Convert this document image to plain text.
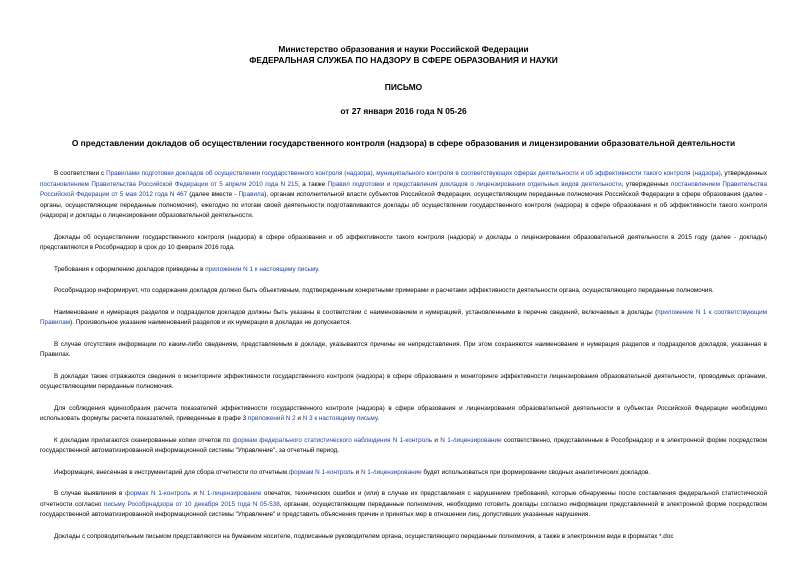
Министерство образования и науки Российской Федерации
ФЕДЕРАЛЬНАЯ СЛУЖБА ПО НАДЗОРУ В СФЕРЕ ОБРАЗОВАНИЯ И НАУКИ
ПИСЬМО
от 27 января 2016 года N 05-26
О представлении докладов об осуществлении государственного контроля (надзора) в сфере образования и лицензировании образовательной деятельности

В соответствии с Правилами подготовки докладов об осуществлении государственного контроля (надзора), муниципального контроля в соответствующих сферах деятельности и об эффективности такого контроля (надзора), утвержденных постановлением Правительства Российской Федерации от 5 апреля 2010 года N 215, а также Правил подготовки и представления докладов о лицензировании отдельных видов деятельности, утвержденных постановлением Правительства Российской Федерации от 5 мая 2012 года N 467 (далее вместе - Правила), органам исполнительной власти субъектов Российской Федерации, осуществляющим переданные полномочия Российской Федерации в сфере образования (далее - органы, осуществляющие переданные полномочия), ежегодно по итогам своей деятельности подготавливаются доклады об осуществлении государственного контроля (надзора) в сфере образования и об эффективности такого контроля (надзора) и доклады о лицензировании образовательной деятельности.

Доклады об осуществлении государственного контроля (надзора) в сфере образования и об эффективности такого контроля (надзора) и доклады о лицензировании образовательной деятельности в 2015 году (далее - доклады) представляются в Рособрнадзор в срок до 10 февраля 2016 года.

Требования к оформлению докладов приведены в приложении N 1 к настоящему письму.

Рособрнадзор информирует, что содержание докладов должно быть объективным, подтвержденным конкретными примерами и расчетами эффективности деятельности органа, осуществляющего переданные полномочия.

Наименование и нумерация разделов и подразделов докладов должны быть указаны в соответствии с наименованием и нумерацией, установленными в перечне сведений, включаемых в доклады (приложение N 1 к соответствующим Правилам). Произвольное указание наименований разделов и их нумерации в докладах не допускается.

В случае отсутствия информации по каким-либо сведениям, представляемым в докладе, указываются причины ее непредставления. При этом сохраняются наименование и нумерация разделов и подразделов докладов, указанная в Правилах.

В докладах также отражаются сведения о мониторинге эффективности государственного контроля (надзора) в сфере образования и мониторинге эффективности лицензирования образовательной деятельности, проводимых органами, осуществляющими переданные полномочия.

Для соблюдения единообразия расчета показателей эффективности государственного контроля (надзора) в сфере образования и лицензирования образовательной деятельности в субъектах Российской Федерации необходимо использовать формулы расчета показателей, приведенные в графе 3 приложений N 2 и N 3 к настоящему письму.

К докладам прилагаются сканированные копии отчетов по формам федерального статистического наблюдения N 1-контроль и N 1-лицензирование соответственно, представленные в Рособрнадзор и в электронной форме посредством государственной автоматизированной информационной системы "Управление", за отчетный период.

Информация, внесенная в инструментарий для сбора отчетности по отчетным формам N 1-контроль и N 1-лицензирование будет использоваться при формировании сводных аналитических докладов.

В случае выявления в формах N 1-контроль и N 1-лицензирование опечаток, технических ошибок и (или) в случае их представления с нарушением требований, которые обнаружены после составления федеральной статистической отчетности согласно письму Рособрнадзора от 10 декабря 2015 года N 05-538, органам, осуществляющим переданные полномочия, необходимо готовить доклады согласно информации представленной в электронной форме посредством государственной автоматизированной информационной системы "Управление" и представить объяснения причин и принятых мер в отношении лиц, допустивших указанные нарушения.

Доклады с сопроводительным письмом представляются на бумажном носителе, подписанные руководителем органа, осуществляющего переданные полномочия, а также в электронном виде в форматах *.doc
